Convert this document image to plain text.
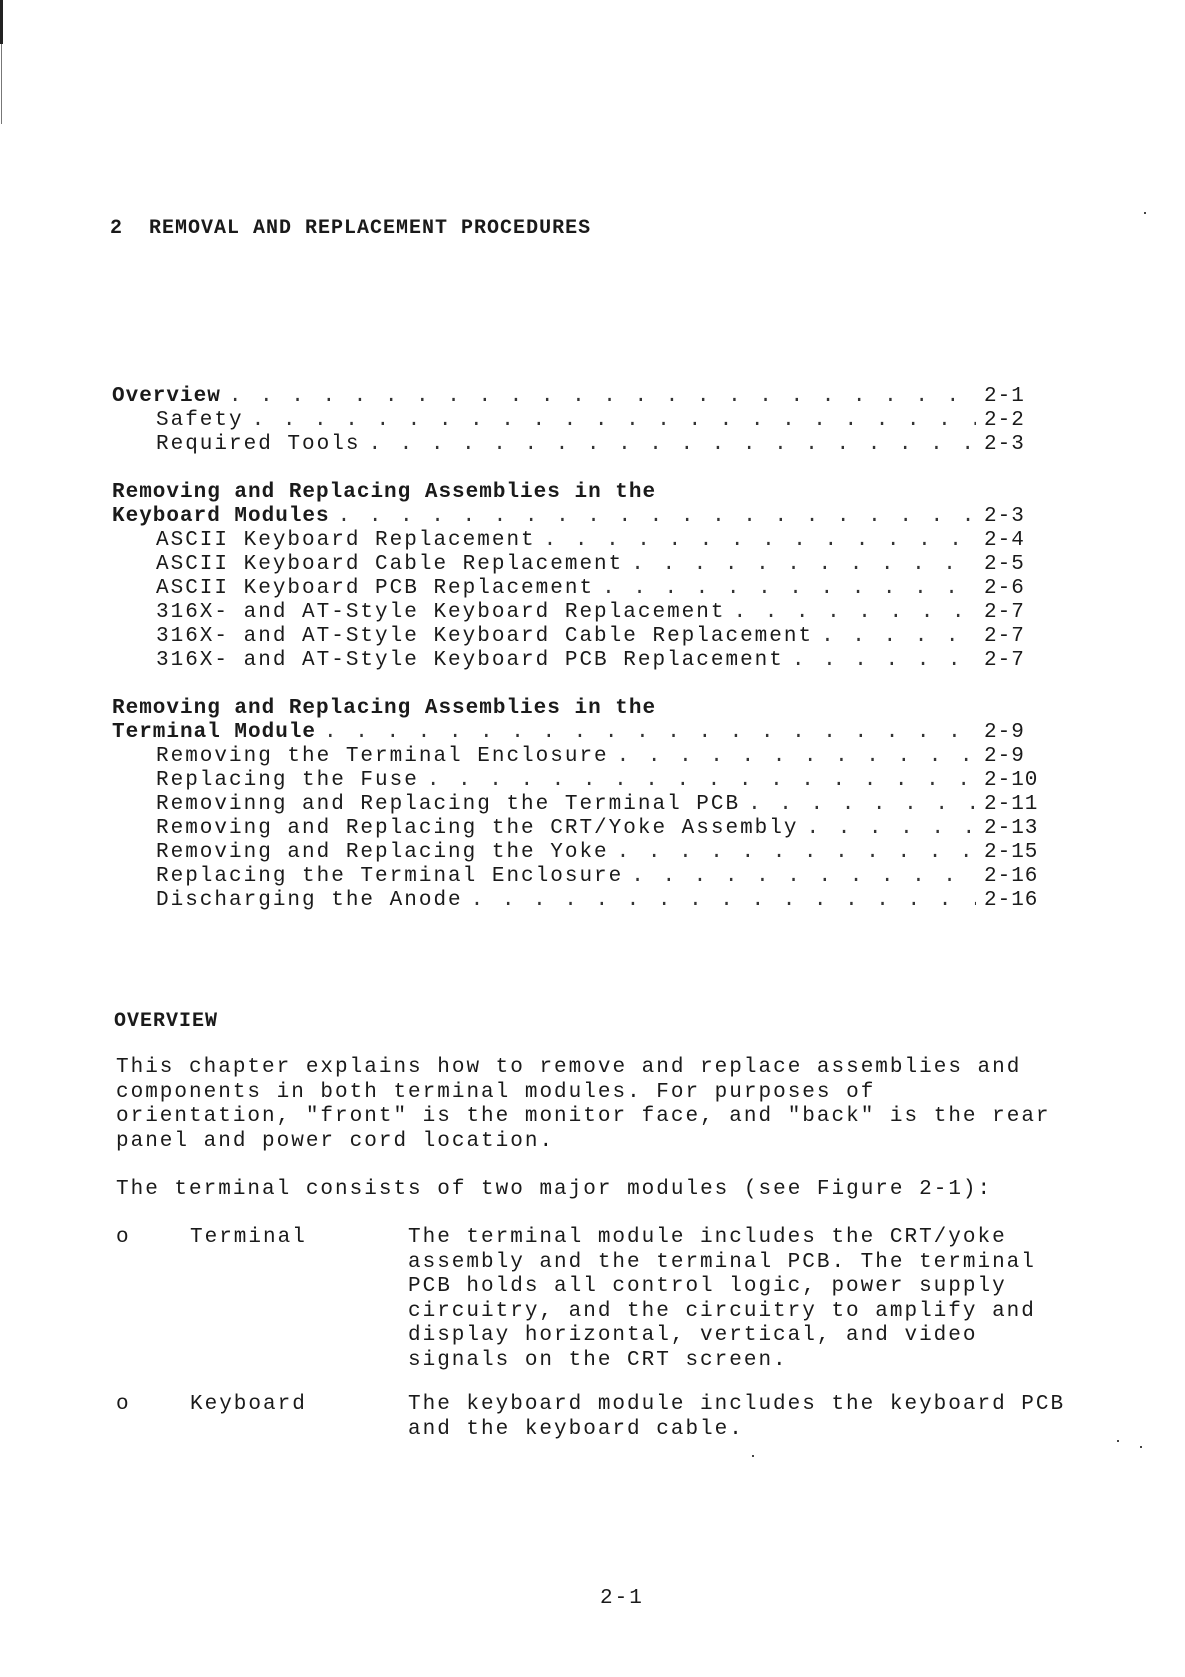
2  REMOVAL AND REPLACEMENT PROCEDURES
Overview . . .	2-1
Safety . . .	2-2
Required Tools . . .	2-3
Removing and Replacing Assemblies in the
Keyboard Modules . . .	2-3
ASCII Keyboard Replacement . . .	2-4
ASCII Keyboard Cable Replacement . . .	2-5
ASCII Keyboard PCB Replacement . . .	2-6
316X- and AT-Style Keyboard Replacement . . .	2-7
316X- and AT-Style Keyboard Cable Replacement . . .	2-7
316X- and AT-Style Keyboard PCB Replacement . . .	2-7
Removing and Replacing Assemblies in the
Terminal Module . . .	2-9
Removing the Terminal Enclosure . . .	2-9
Replacing the Fuse . . .	2-10
Removinng and Replacing the Terminal PCB . . .	2-11
Removing and Replacing the CRT/Yoke Assembly . . .	2-13
Removing and Replacing the Yoke . . .	2-15
Replacing the Terminal Enclosure . . .	2-16
Discharging the Anode . . .	2-16
OVERVIEW

This chapter explains how to remove and replace assemblies and
components in both terminal modules. For purposes of
orientation, "front" is the monitor face, and "back" is the rear
panel and power cord location.

The terminal consists of two major modules (see Figure 2-1):

o	Terminal	The terminal module includes the CRT/yoke
assembly and the terminal PCB. The terminal
PCB holds all control logic, power supply
circuitry, and the circuitry to amplify and
display horizontal, vertical, and video
signals on the CRT screen.
o	Keyboard	The keyboard module includes the keyboard PCB
and the keyboard cable.
2-1
